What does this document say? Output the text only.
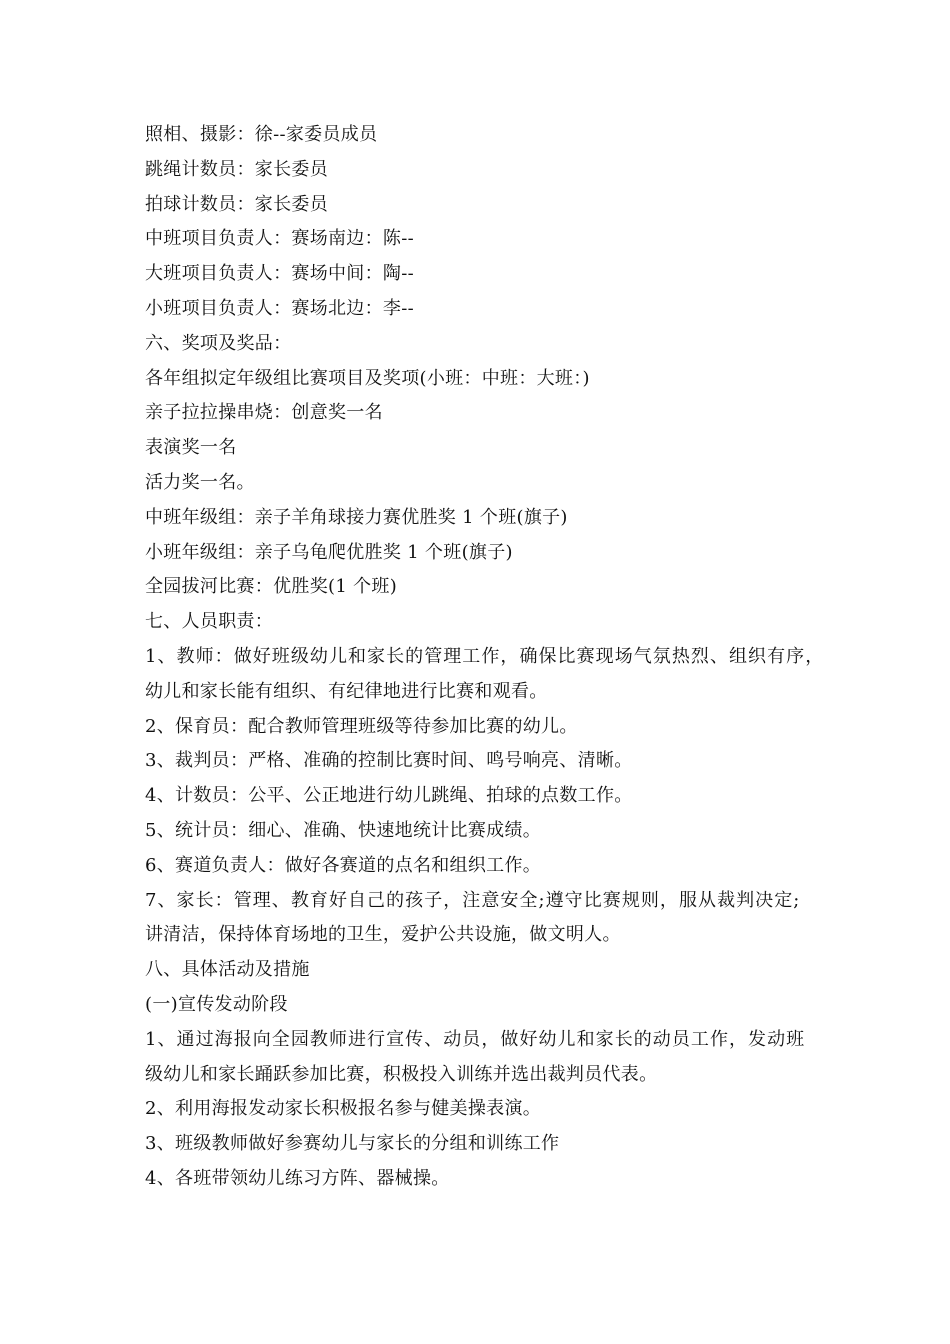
照相、摄影：徐--家委员成员
跳绳计数员：家长委员
拍球计数员：家长委员
中班项目负责人：赛场南边：陈--
大班项目负责人：赛场中间：陶--
小班项目负责人：赛场北边：李--
六、奖项及奖品：
各年组拟定年级组比赛项目及奖项(小班：中班：大班：)
亲子拉拉操串烧：创意奖一名
表演奖一名
活力奖一名。
中班年级组：亲子羊角球接力赛优胜奖 1 个班(旗子)
小班年级组：亲子乌龟爬优胜奖 1 个班(旗子)
全园拔河比赛：优胜奖(1 个班)
七、人员职责：
1、教师：做好班级幼儿和家长的管理工作，确保比赛现场气氛热烈、组织有序，
幼儿和家长能有组织、有纪律地进行比赛和观看。
2、保育员：配合教师管理班级等待参加比赛的幼儿。
3、裁判员：严格、准确的控制比赛时间、鸣号响亮、清晰。
4、计数员：公平、公正地进行幼儿跳绳、拍球的点数工作。
5、统计员：细心、准确、快速地统计比赛成绩。
6、赛道负责人：做好各赛道的点名和组织工作。
7、家长：管理、教育好自己的孩子，注意安全;遵守比赛规则，服从裁判决定;
讲清洁，保持体育场地的卫生，爱护公共设施，做文明人。
八、具体活动及措施
(一)宣传发动阶段
1、通过海报向全园教师进行宣传、动员，做好幼儿和家长的动员工作，发动班
级幼儿和家长踊跃参加比赛，积极投入训练并选出裁判员代表。
2、利用海报发动家长积极报名参与健美操表演。
3、班级教师做好参赛幼儿与家长的分组和训练工作
4、各班带领幼儿练习方阵、器械操。
